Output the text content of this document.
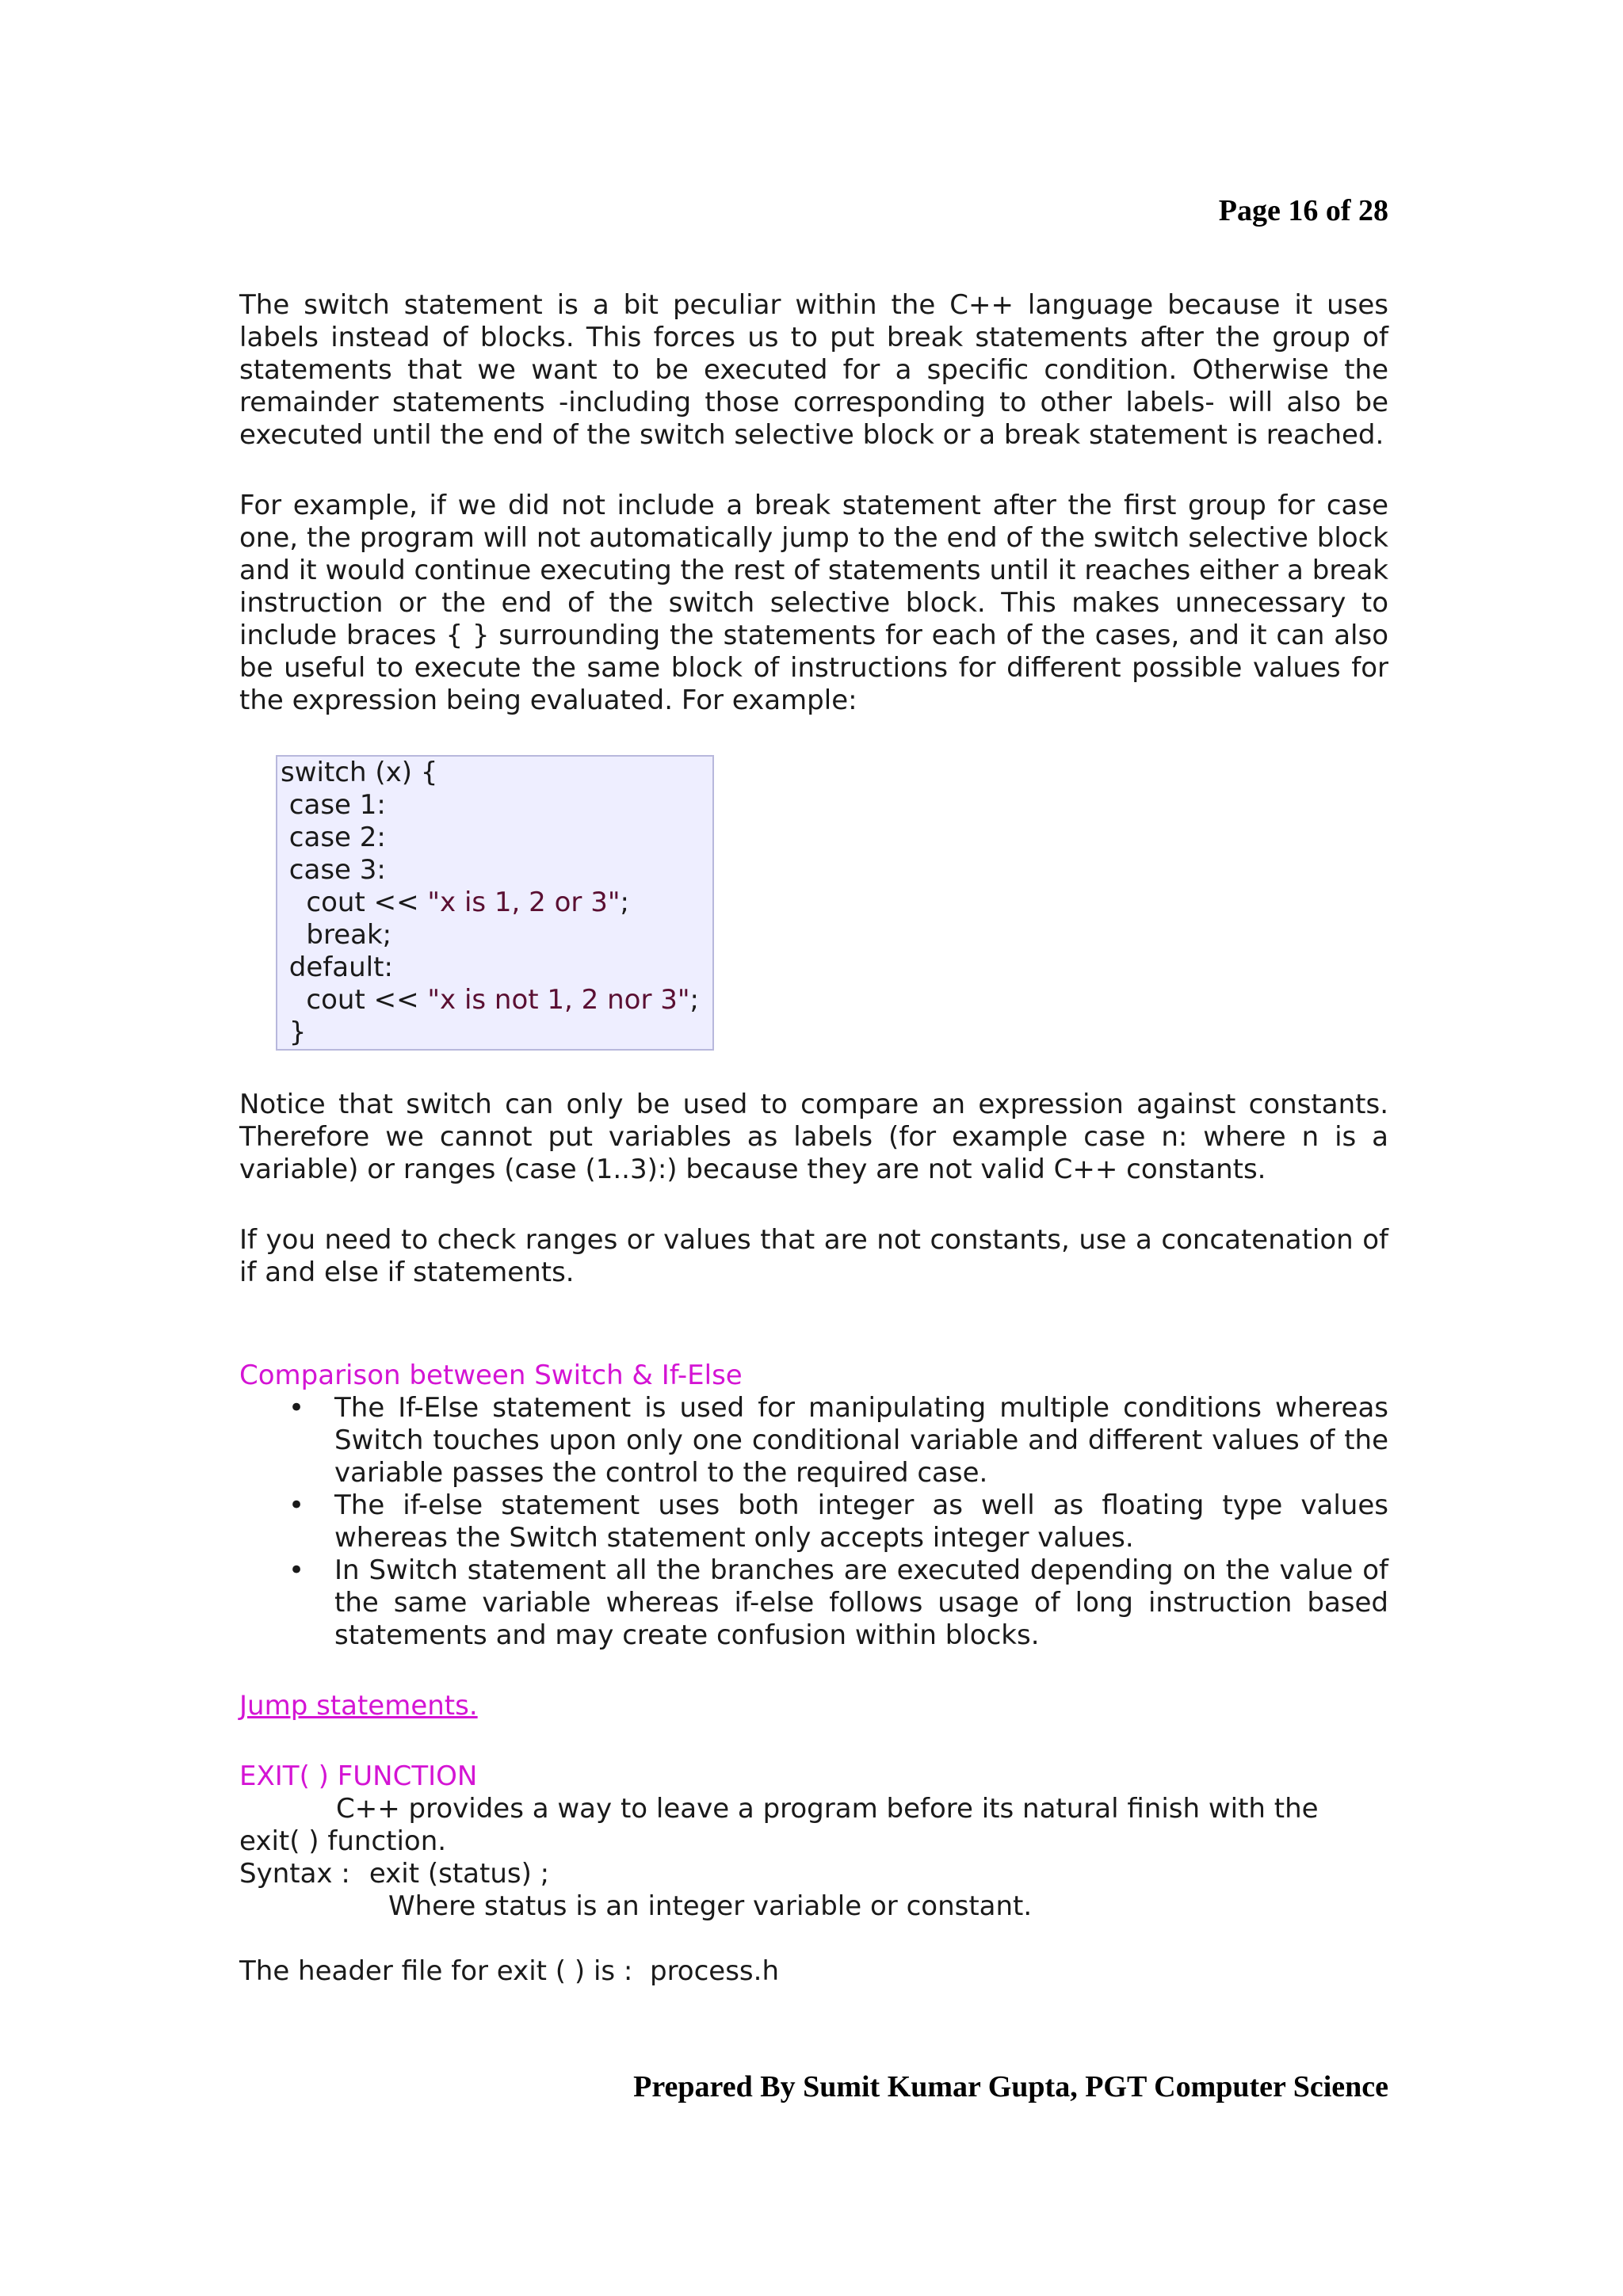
Page 16 of 28

The switch statement is a bit peculiar within the C++ language because it uses labels instead of blocks. This forces us to put break statements after the group of statements that we want to be executed for a specific condition. Otherwise the remainder statements -including those corresponding to other labels- will also be executed until the end of the switch selective block or a break statement is reached.

For example, if we did not include a break statement after the first group for case one, the program will not automatically jump to the end of the switch selective block and it would continue executing the rest of statements until it reaches either a break instruction or the end of the switch selective block. This makes unnecessary to include braces { } surrounding the statements for each of the cases, and it can also be useful to execute the same block of instructions for different possible values for the expression being evaluated. For example:

switch (x) {
case 1:
case 2:
case 3:
cout << "x is 1, 2 or 3";
break;
default:
cout << "x is not 1, 2 nor 3";
}

Notice that switch can only be used to compare an expression against constants. Therefore we cannot put variables as labels (for example case n: where n is a variable) or ranges (case (1..3):) because they are not valid C++ constants.

If you need to check ranges or values that are not constants, use a concatenation of if and else if statements.

Comparison between Switch & If-Else
• The If-Else statement is used for manipulating multiple conditions whereas Switch touches upon only one conditional variable and different values of the variable passes the control to the required case.
• The if-else statement uses both integer as well as floating type values whereas the Switch statement only accepts integer values.
• In Switch statement all the branches are executed depending on the value of the same variable whereas if-else follows usage of long instruction based statements and may create confusion within blocks.
Jump statements.
EXIT( ) FUNCTION
C++ provides a way to leave a program before its natural finish with the
exit( ) function.
Syntax : exit (status) ;
Where status is an integer variable or constant.
The header file for exit ( ) is :  process.h
Prepared By Sumit Kumar Gupta, PGT Computer Science
